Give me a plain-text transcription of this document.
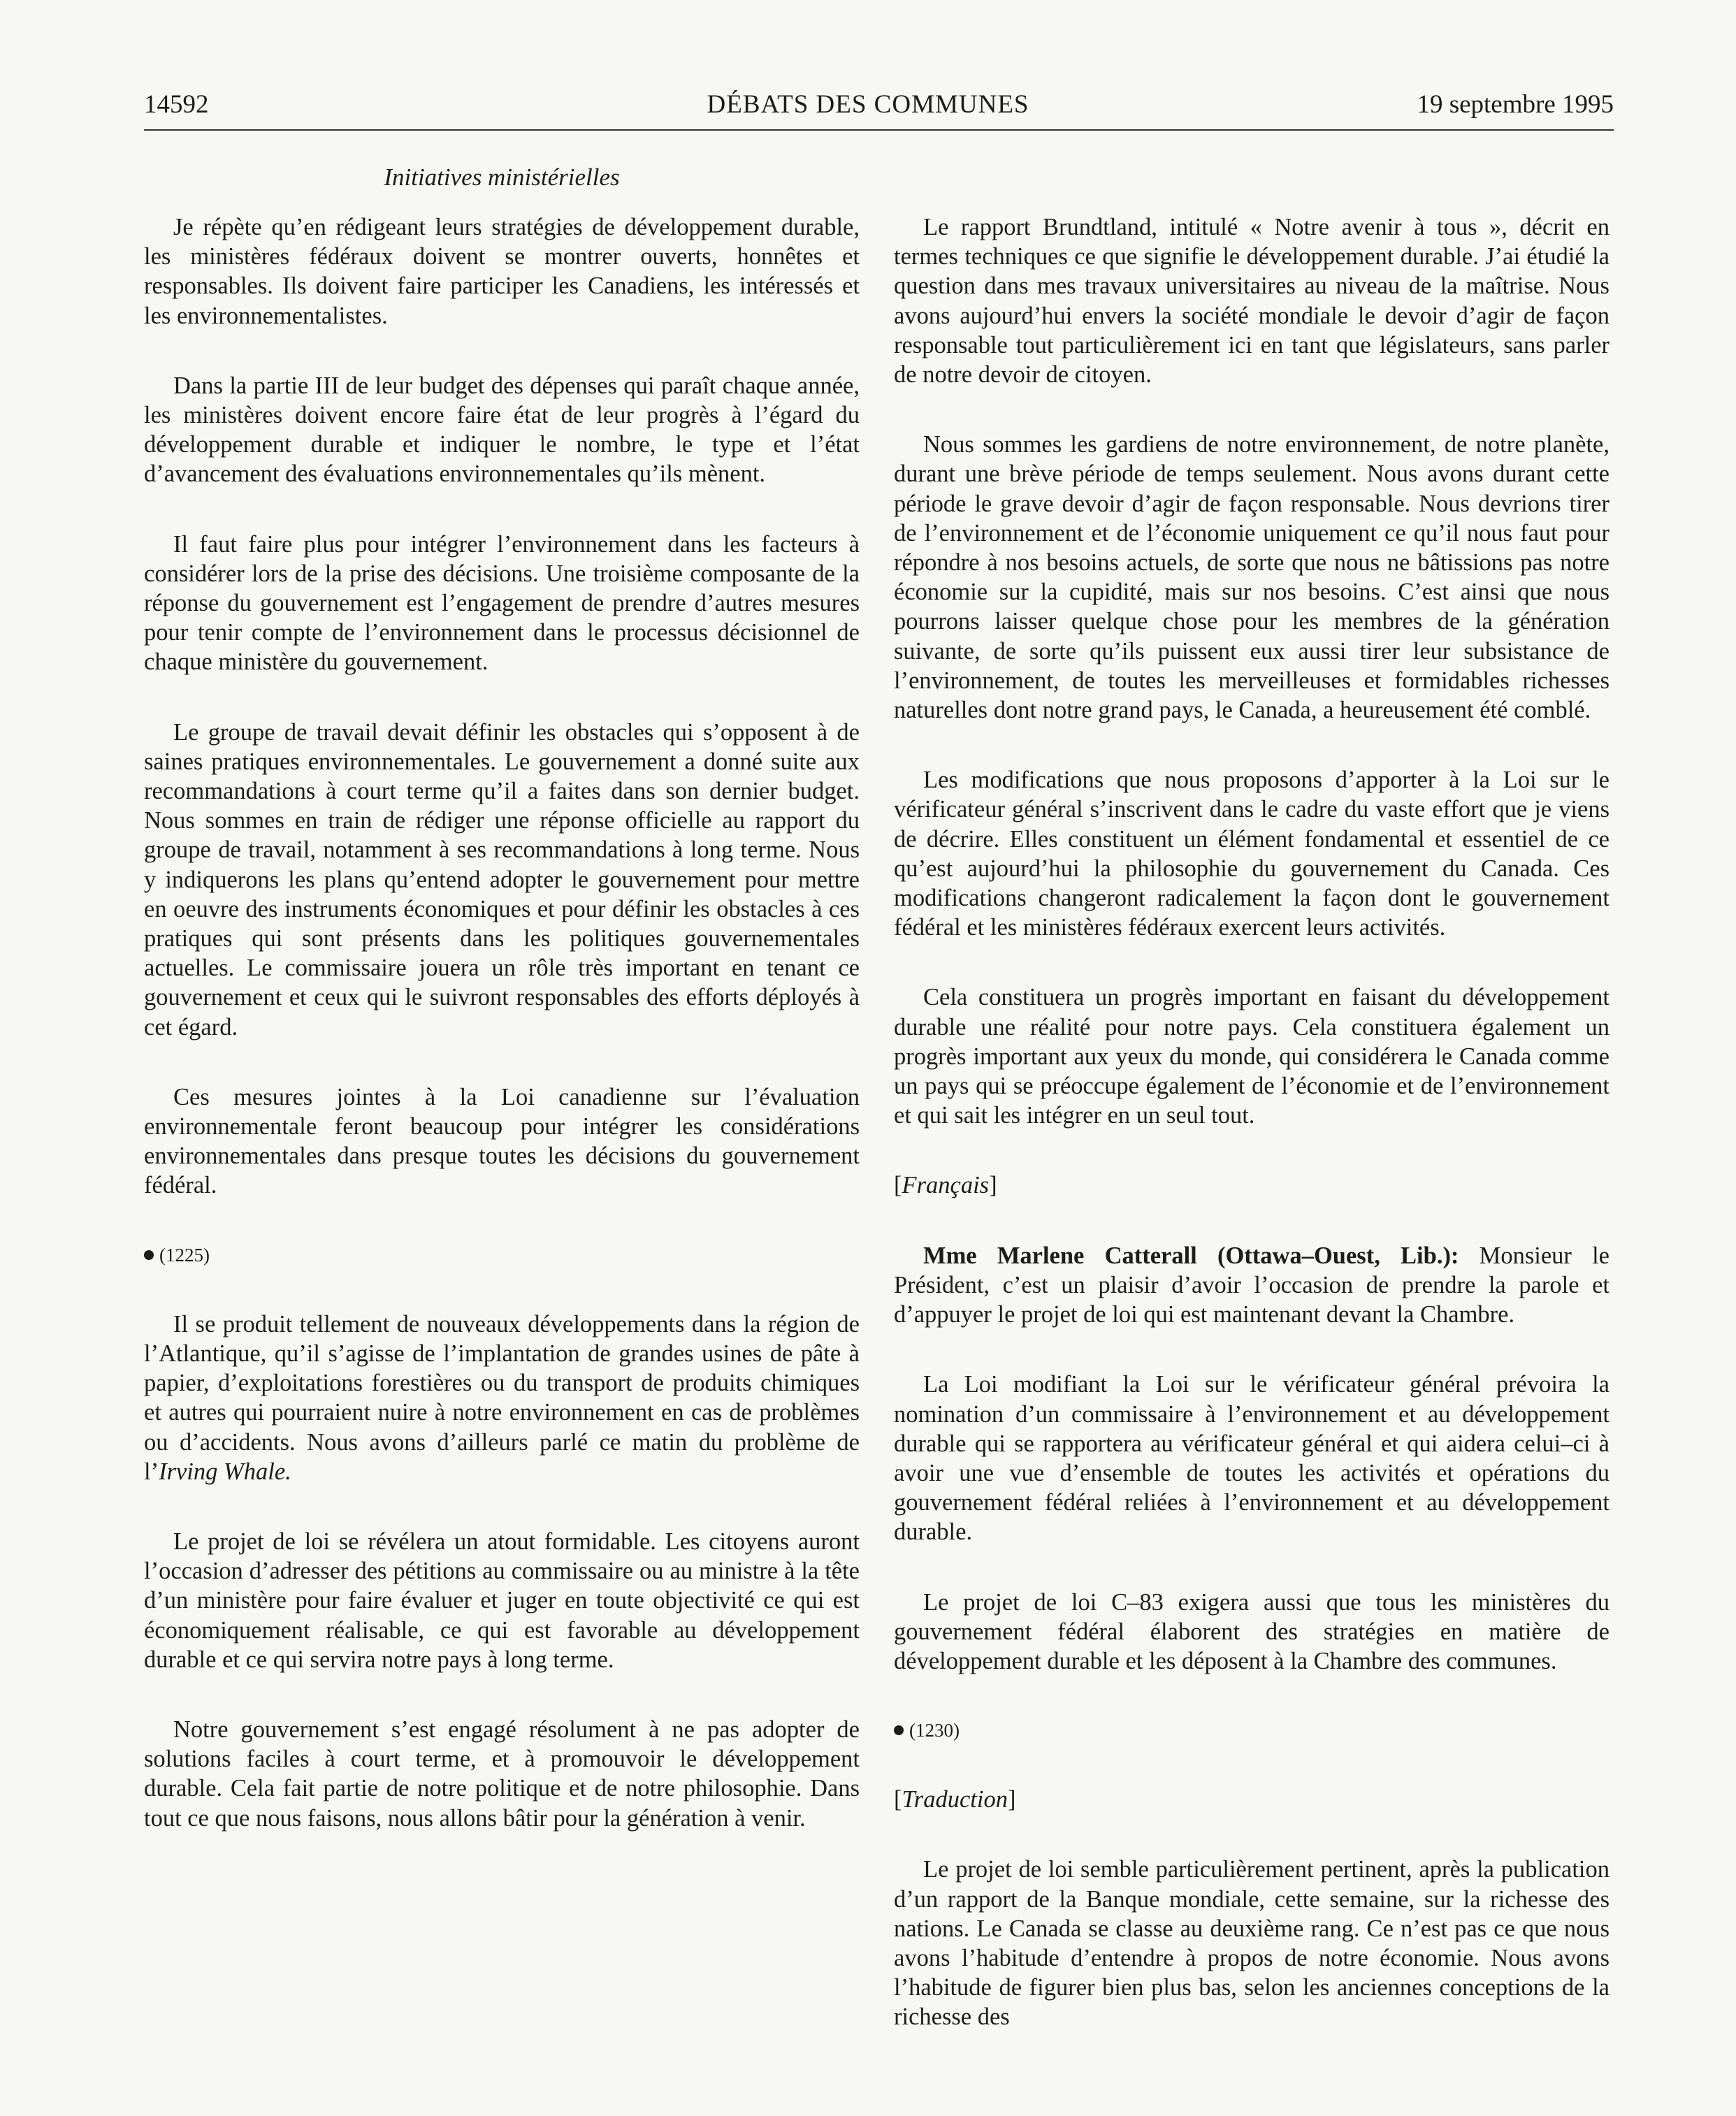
14592	DÉBATS DES COMMUNES	19 septembre 1995
Initiatives ministérielles

Je répète qu’en rédigeant leurs stratégies de développement durable, les ministères fédéraux doivent se montrer ouverts, honnêtes et responsables. Ils doivent faire participer les Canadiens, les intéressés et les environnementalistes.

Dans la partie III de leur budget des dépenses qui paraît chaque année, les ministères doivent encore faire état de leur progrès à l’égard du développement durable et indiquer le nombre, le type et l’état d’avancement des évaluations environnementales qu’ils mènent.

Il faut faire plus pour intégrer l’environnement dans les facteurs à considérer lors de la prise des décisions. Une troisième composante de la réponse du gouvernement est l’engagement de prendre d’autres mesures pour tenir compte de l’environnement dans le processus décisionnel de chaque ministère du gouvernement.

Le groupe de travail devait définir les obstacles qui s’opposent à de saines pratiques environnementales. Le gouvernement a donné suite aux recommandations à court terme qu’il a faites dans son dernier budget. Nous sommes en train de rédiger une réponse officielle au rapport du groupe de travail, notamment à ses recommandations à long terme. Nous y indiquerons les plans qu’entend adopter le gouvernement pour mettre en oeuvre des instruments économiques et pour définir les obstacles à ces pratiques qui sont présents dans les politiques gouvernementales actuelles. Le commissaire jouera un rôle très important en tenant ce gouvernement et ceux qui le suivront responsables des efforts déployés à cet égard.

Ces mesures jointes à la Loi canadienne sur l’évaluation environnementale feront beaucoup pour intégrer les considérations environnementales dans presque toutes les décisions du gouvernement fédéral.

(1225)

Il se produit tellement de nouveaux développements dans la région de l’Atlantique, qu’il s’agisse de l’implantation de grandes usines de pâte à papier, d’exploitations forestières ou du transport de produits chimiques et autres qui pourraient nuire à notre environnement en cas de problèmes ou d’accidents. Nous avons d’ailleurs parlé ce matin du problème de l’Irving Whale.

Le projet de loi se révélera un atout formidable. Les citoyens auront l’occasion d’adresser des pétitions au commissaire ou au ministre à la tête d’un ministère pour faire évaluer et juger en toute objectivité ce qui est économiquement réalisable, ce qui est favorable au développement durable et ce qui servira notre pays à long terme.

Notre gouvernement s’est engagé résolument à ne pas adopter de solutions faciles à court terme, et à promouvoir le développement durable. Cela fait partie de notre politique et de notre philosophie. Dans tout ce que nous faisons, nous allons bâtir pour la génération à venir.

Le rapport Brundtland, intitulé « Notre avenir à tous », décrit en termes techniques ce que signifie le développement durable. J’ai étudié la question dans mes travaux universitaires au niveau de la maîtrise. Nous avons aujourd’hui envers la société mondiale le devoir d’agir de façon responsable tout particulièrement ici en tant que législateurs, sans parler de notre devoir de citoyen.

Nous sommes les gardiens de notre environnement, de notre planète, durant une brève période de temps seulement. Nous avons durant cette période le grave devoir d’agir de façon responsable. Nous devrions tirer de l’environnement et de l’économie uniquement ce qu’il nous faut pour répondre à nos besoins actuels, de sorte que nous ne bâtissions pas notre économie sur la cupidité, mais sur nos besoins. C’est ainsi que nous pourrons laisser quelque chose pour les membres de la génération suivante, de sorte qu’ils puissent eux aussi tirer leur subsistance de l’environnement, de toutes les merveilleuses et formidables richesses naturelles dont notre grand pays, le Canada, a heureusement été comblé.

Les modifications que nous proposons d’apporter à la Loi sur le vérificateur général s’inscrivent dans le cadre du vaste effort que je viens de décrire. Elles constituent un élément fondamental et essentiel de ce qu’est aujourd’hui la philosophie du gouvernement du Canada. Ces modifications changeront radicalement la façon dont le gouvernement fédéral et les ministères fédéraux exercent leurs activités.

Cela constituera un progrès important en faisant du développement durable une réalité pour notre pays. Cela constituera également un progrès important aux yeux du monde, qui considérera le Canada comme un pays qui se préoccupe également de l’économie et de l’environnement et qui sait les intégrer en un seul tout.

[Français]

Mme Marlene Catterall (Ottawa–Ouest, Lib.): Monsieur le Président, c’est un plaisir d’avoir l’occasion de prendre la parole et d’appuyer le projet de loi qui est maintenant devant la Chambre.

La Loi modifiant la Loi sur le vérificateur général prévoira la nomination d’un commissaire à l’environnement et au développement durable qui se rapportera au vérificateur général et qui aidera celui–ci à avoir une vue d’ensemble de toutes les activités et opérations du gouvernement fédéral reliées à l’environnement et au développement durable.

Le projet de loi C–83 exigera aussi que tous les ministères du gouvernement fédéral élaborent des stratégies en matière de développement durable et les déposent à la Chambre des communes.

(1230)
[Traduction]

Le projet de loi semble particulièrement pertinent, après la publication d’un rapport de la Banque mondiale, cette semaine, sur la richesse des nations. Le Canada se classe au deuxième rang. Ce n’est pas ce que nous avons l’habitude d’entendre à propos de notre économie. Nous avons l’habitude de figurer bien plus bas, selon les anciennes conceptions de la richesse des
